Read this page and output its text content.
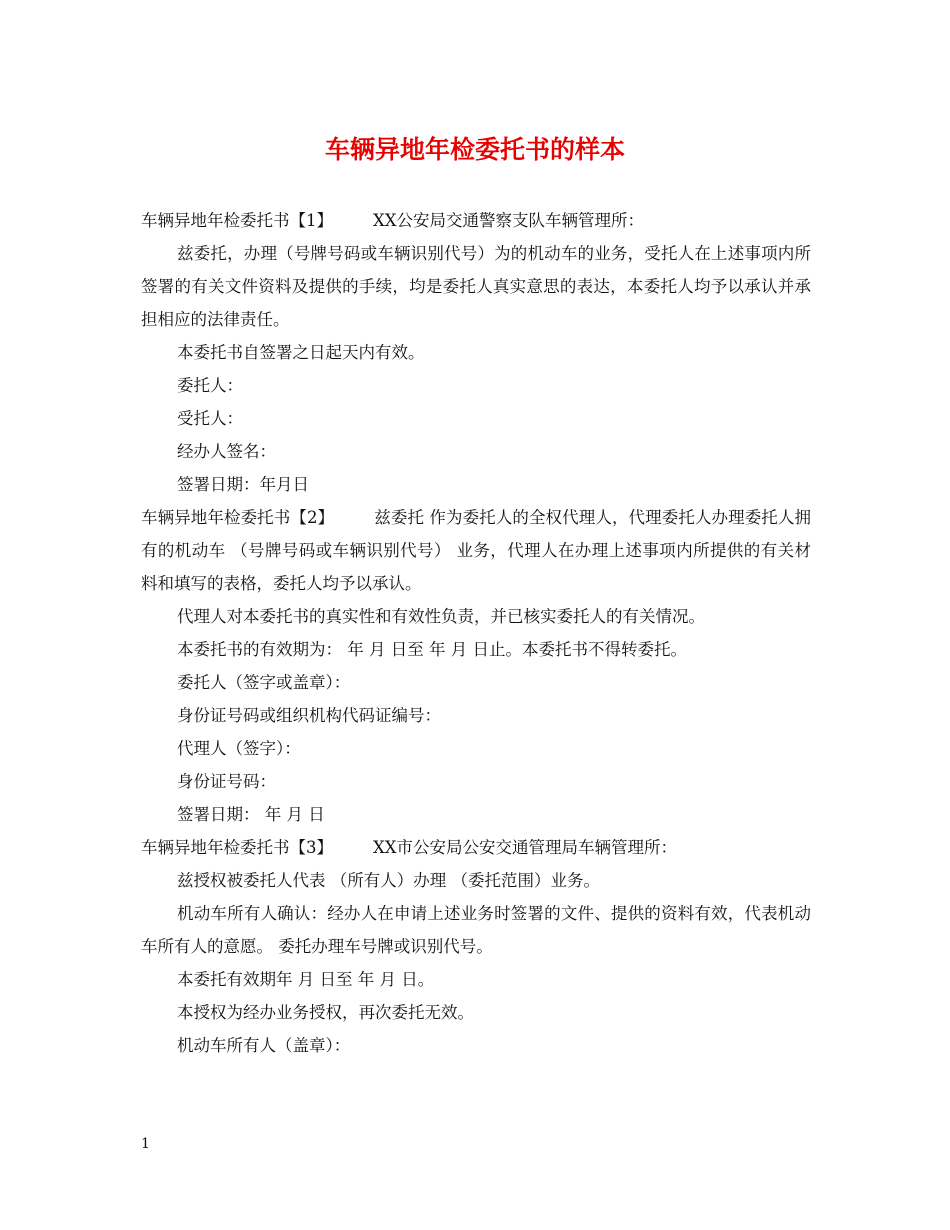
车辆异地年检委托书的样本

车辆异地年检委托书【1】 XX公安局交通警察支队车辆管理所：

兹委托，办理（号牌号码或车辆识别代号）为的机动车的业务，受托人在上述事项内所签署的有关文件资料及提供的手续，均是委托人真实意思的表达，本委托人均予以承认并承担相应的法律责任。

本委托书自签署之日起天内有效。

委托人：

受托人：

经办人签名：

签署日期：年月日

车辆异地年检委托书【2】 兹委托 作为委托人的全权代理人，代理委托人办理委托人拥有的机动车 （号牌号码或车辆识别代号） 业务，代理人在办理上述事项内所提供的有关材料和填写的表格，委托人均予以承认。

代理人对本委托书的真实性和有效性负责，并已核实委托人的有关情况。

本委托书的有效期为： 年 月 日至 年 月 日止。本委托书不得转委托。

委托人（签字或盖章）：

身份证号码或组织机构代码证编号：

代理人（签字）：

身份证号码：

签署日期： 年 月 日

车辆异地年检委托书【3】 XX市公安局公安交通管理局车辆管理所：

兹授权被委托人代表 （所有人）办理 （委托范围）业务。

机动车所有人确认：经办人在申请上述业务时签署的文件、提供的资料有效，代表机动车所有人的意愿。 委托办理车号牌或识别代号。

本委托有效期年 月 日至 年 月 日。

本授权为经办业务授权，再次委托无效。

机动车所有人（盖章）：

1
